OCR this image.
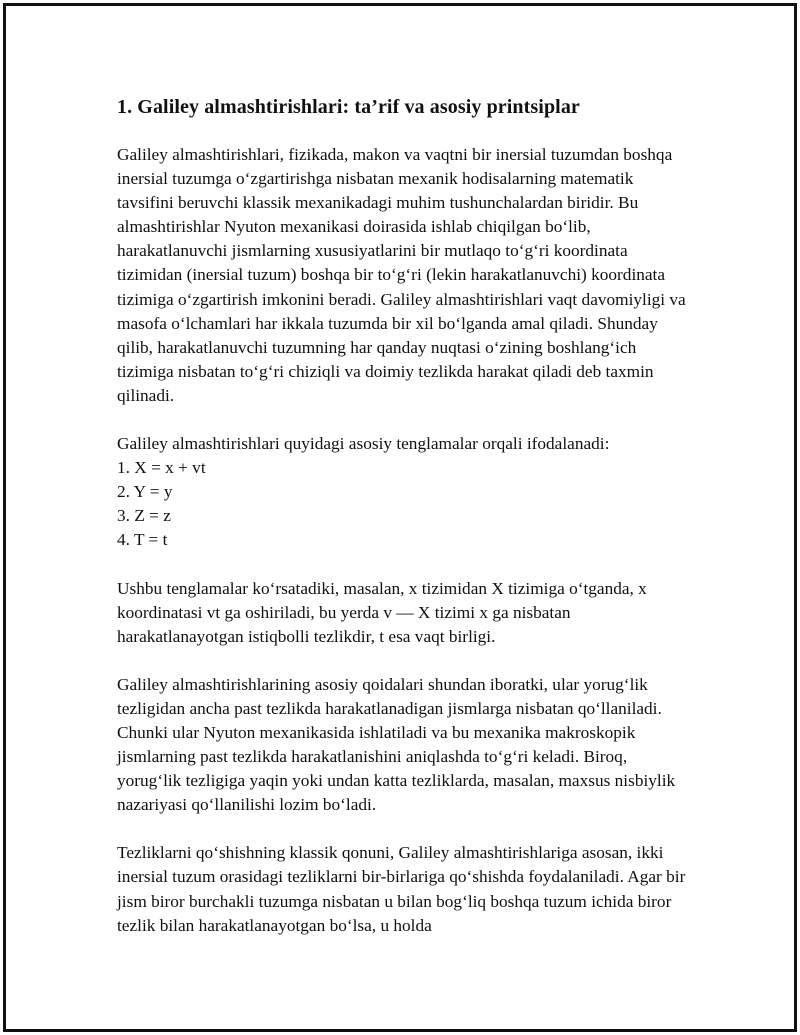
1. Galiley almashtirishlari: ta’rif va asosiy printsiplar

Galiley almashtirishlari, fizikada, makon va vaqtni bir inersial tuzumdan boshqa inersial tuzumga oʻzgartirishga nisbatan mexanik hodisalarning matematik tavsifini beruvchi klassik mexanikadagi muhim tushunchalardan biridir. Bu almashtirishlar Nyuton mexanikasi doirasida ishlab chiqilgan boʻlib, harakatlanuvchi jismlarning xususiyatlarini bir mutlaqo toʻgʻri koordinata tizimidan (inersial tuzum) boshqa bir toʻgʻri (lekin harakatlanuvchi) koordinata tizimiga oʻzgartirish imkonini beradi. Galiley almashtirishlari vaqt davomiyligi va masofa oʻlchamlari har ikkala tuzumda bir xil boʻlganda amal qiladi. Shunday qilib, harakatlanuvchi tuzumning har qanday nuqtasi oʻzining boshlangʻich tizimiga nisbatan toʻgʻri chiziqli va doimiy tezlikda harakat qiladi deb taxmin qilinadi.

Galiley almashtirishlari quyidagi asosiy tenglamalar orqali ifodalanadi:

1. X = x + vt
2. Y = y
3. Z = z
4. T = t

Ushbu tenglamalar koʻrsatadiki, masalan, x tizimidan X tizimiga oʻtganda, x koordinatasi vt ga oshiriladi, bu yerda v — X tizimi x ga nisbatan harakatlanayotgan istiqbolli tezlikdir, t esa vaqt birligi.

Galiley almashtirishlarining asosiy qoidalari shundan iboratki, ular yorugʻlik tezligidan ancha past tezlikda harakatlanadigan jismlarga nisbatan qoʻllaniladi. Chunki ular Nyuton mexanikasida ishlatiladi va bu mexanika makroskopik jismlarning past tezlikda harakatlanishini aniqlashda toʻgʻri keladi. Biroq, yorugʻlik tezligiga yaqin yoki undan katta tezliklarda, masalan, maxsus nisbiylik nazariyasi qoʻllanilishi lozim boʻladi.

Tezliklarni qoʻshishning klassik qonuni, Galiley almashtirishlariga asosan, ikki inersial tuzum orasidagi tezliklarni bir-birlariga qoʻshishda foydalaniladi. Agar bir jism biror burchakli tuzumga nisbatan u bilan bogʻliq boshqa tuzum ichida biror tezlik bilan harakatlanayotgan boʻlsa, u holda
